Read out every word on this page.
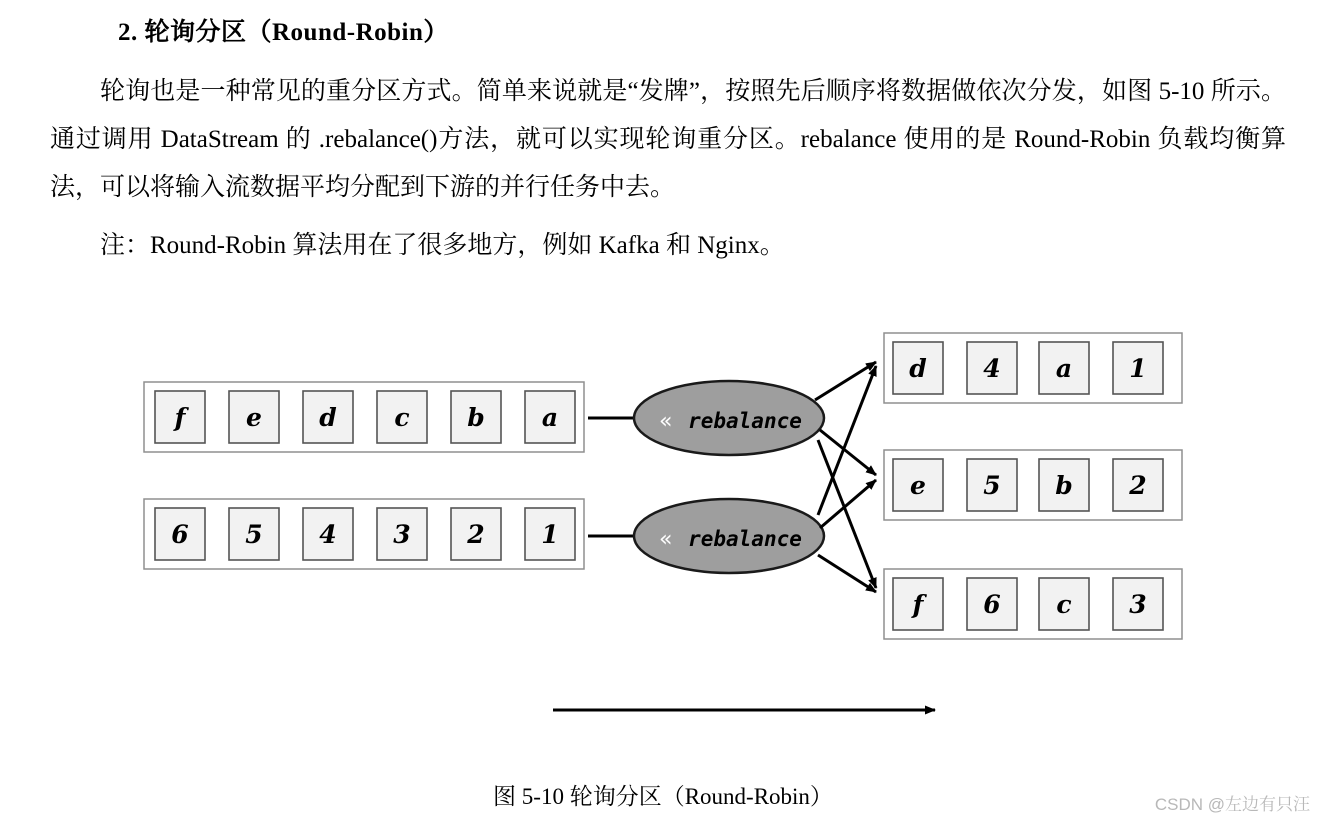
2. 轮询分区（Round-Robin）
轮询也是一种常见的重分区方式。简单来说就是“发牌”，按照先后顺序将数据做依次分发，如图 5-10 所示。通过调用 DataStream 的 .rebalance()方法，就可以实现轮询重分区。rebalance 使用的是 Round-Robin 负载均衡算法，可以将输入流数据平均分配到下游的并行任务中去。
注：Round-Robin 算法用在了很多地方，例如 Kafka 和 Nginx。
f e d c b a
6 5 4 3 2 1
« rebalance
« rebalance
d 4 a 1
e 5 b 2
f 6 c 3
图 5-10 轮询分区（Round-Robin）	CSDN @左边有只汪
